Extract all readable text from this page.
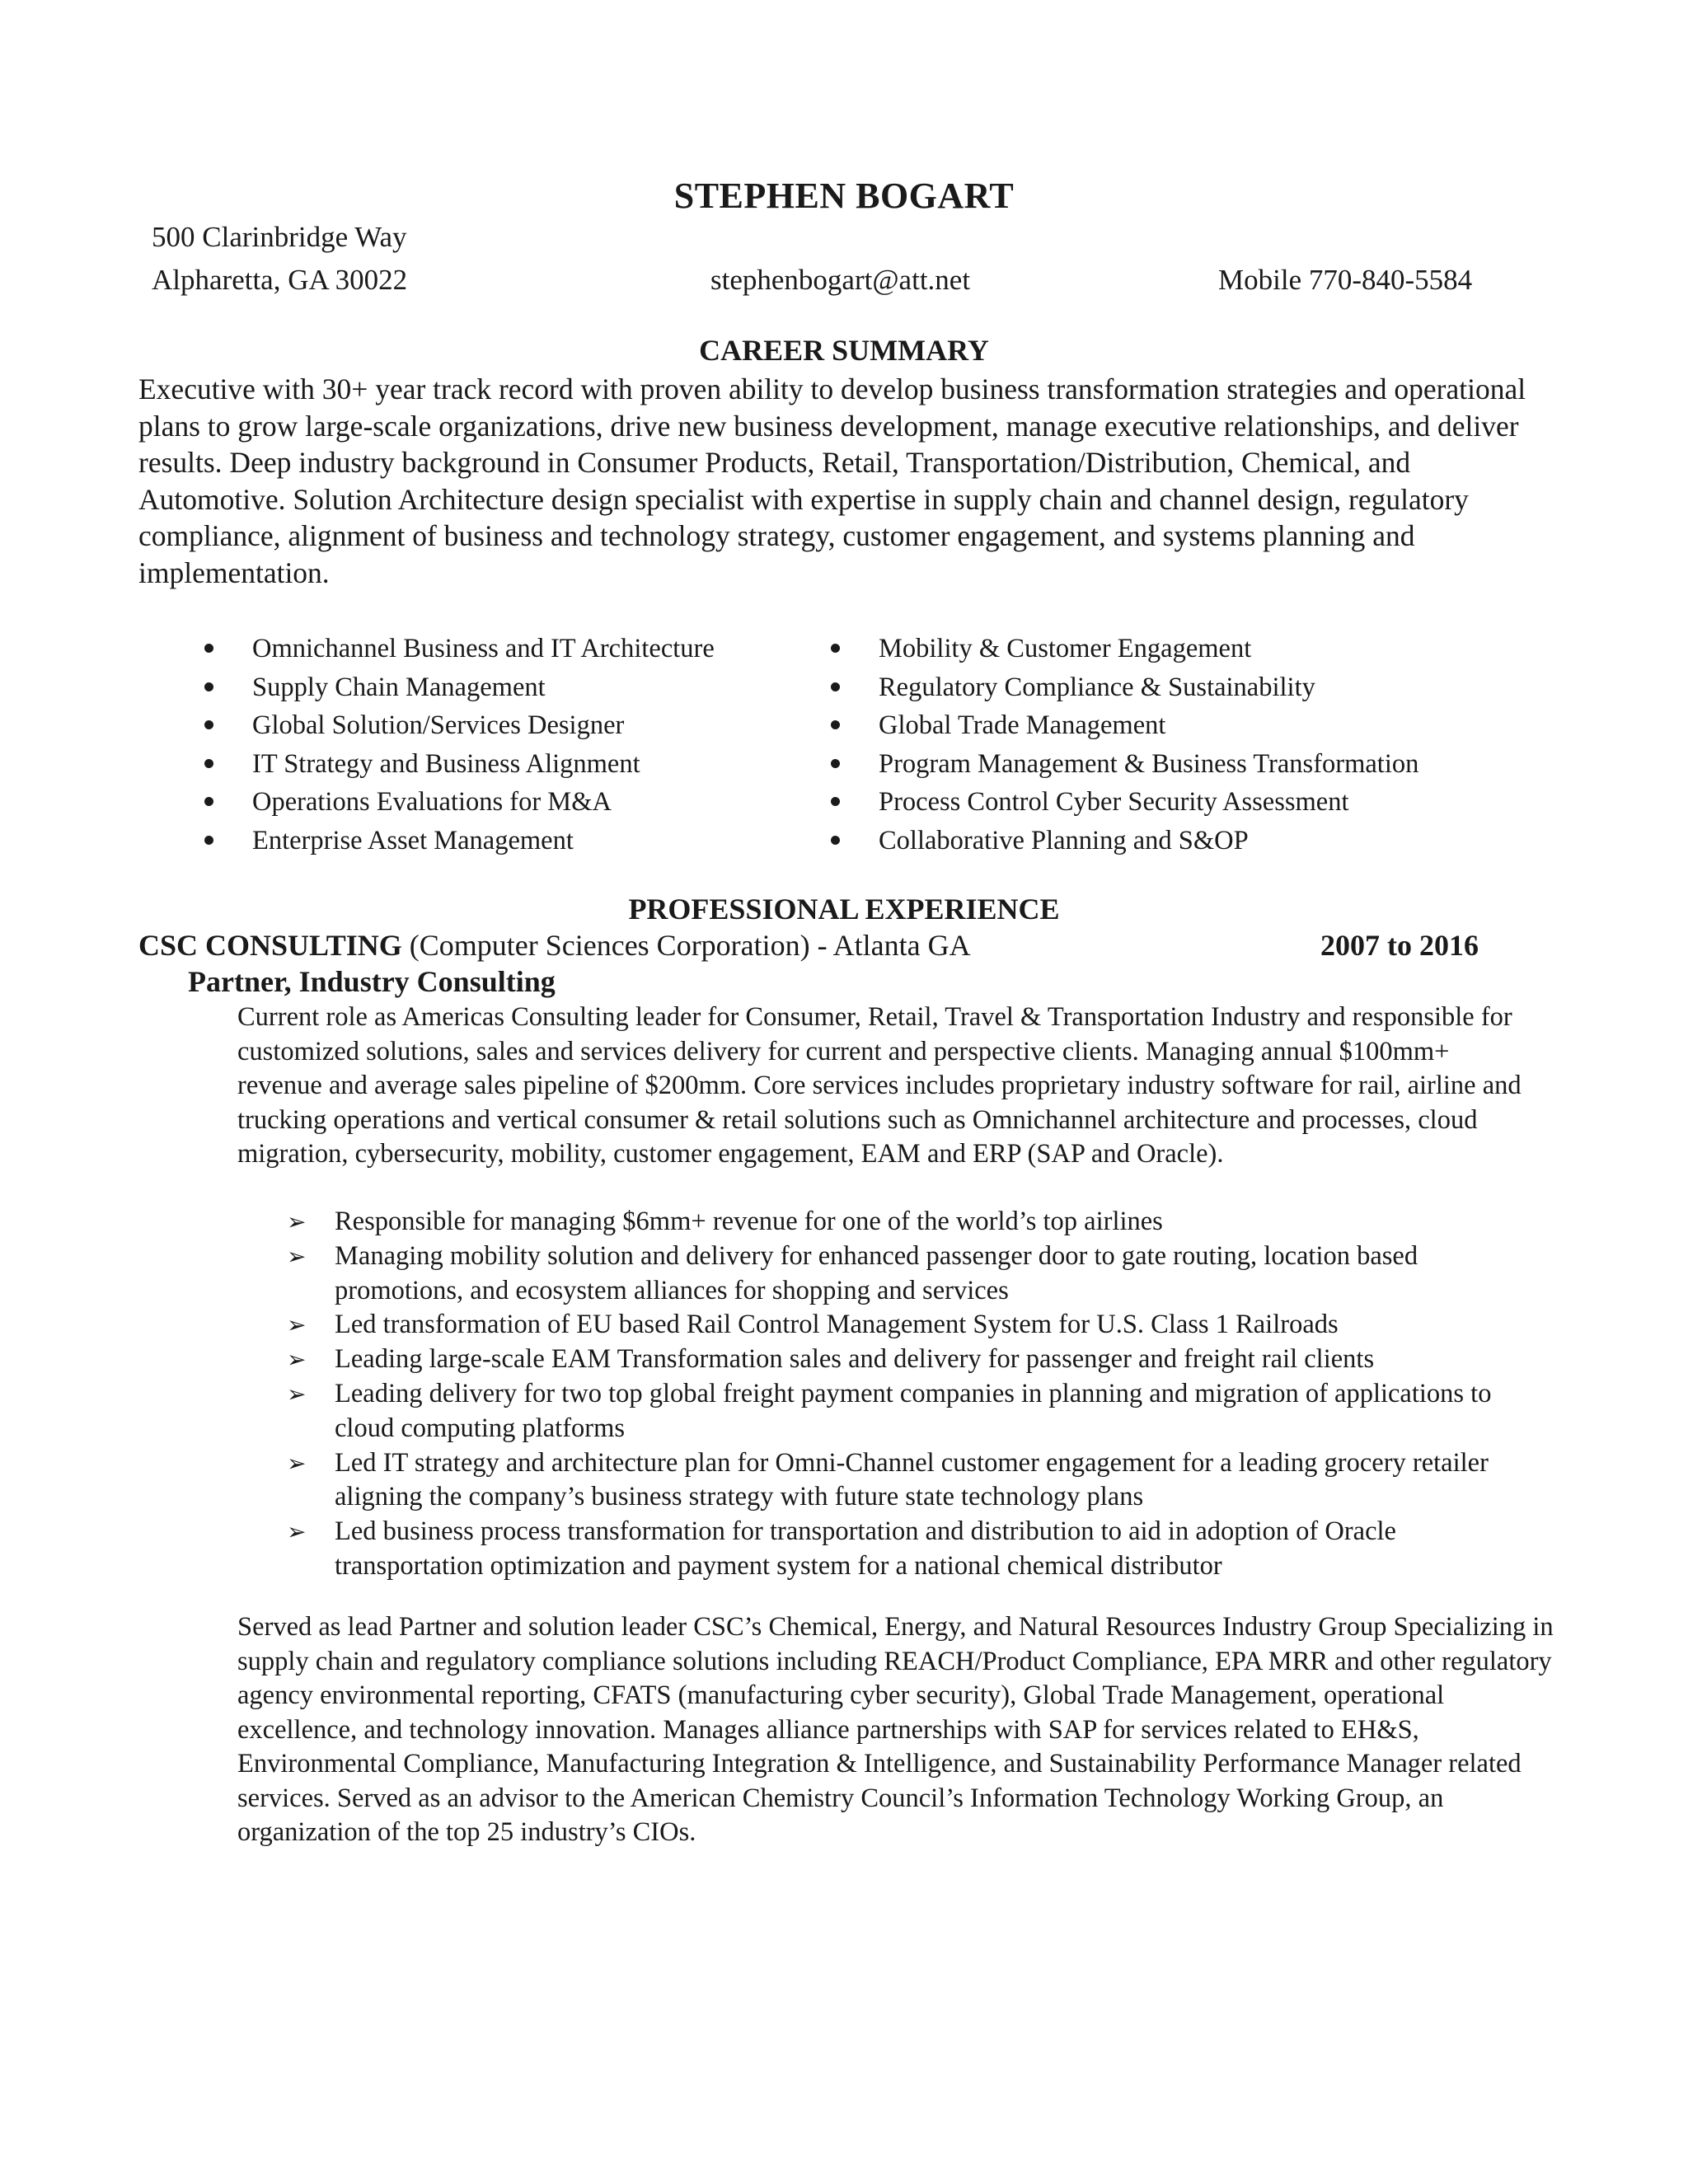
STEPHEN BOGART
500 Clarinbridge Way
Alpharetta, GA 30022	stephenbogart@att.net	Mobile 770-840-5584
CAREER SUMMARY
Executive with 30+ year track record with proven ability to develop business transformation strategies and operational plans to grow large-scale organizations, drive new business development, manage executive relationships, and deliver results. Deep industry background in Consumer Products, Retail, Transportation/Distribution, Chemical, and Automotive. Solution Architecture design specialist with expertise in supply chain and channel design, regulatory compliance, alignment of business and technology strategy, customer engagement, and systems planning and implementation.
Omnichannel Business and IT Architecture
Supply Chain Management
Global Solution/Services Designer
IT Strategy and Business Alignment
Operations Evaluations for M&A
Enterprise Asset Management
Mobility & Customer Engagement
Regulatory Compliance & Sustainability
Global Trade Management
Program Management & Business Transformation
Process Control Cyber Security Assessment
Collaborative Planning and S&OP
PROFESSIONAL EXPERIENCE
CSC CONSULTING (Computer Sciences Corporation) - Atlanta GA	2007 to 2016
Partner, Industry Consulting
Current role as Americas Consulting leader for Consumer, Retail, Travel & Transportation Industry and responsible for customized solutions, sales and services delivery for current and perspective clients. Managing annual $100mm+ revenue and average sales pipeline of $200mm. Core services includes proprietary industry software for rail, airline and trucking operations and vertical consumer & retail solutions such as Omnichannel architecture and processes, cloud migration, cybersecurity, mobility, customer engagement, EAM and ERP (SAP and Oracle).
➢ Responsible for managing $6mm+ revenue for one of the world’s top airlines
➢ Managing mobility solution and delivery for enhanced passenger door to gate routing, location based promotions, and ecosystem alliances for shopping and services
➢ Led transformation of EU based Rail Control Management System for U.S. Class 1 Railroads
➢ Leading large-scale EAM Transformation sales and delivery for passenger and freight rail clients
➢ Leading delivery for two top global freight payment companies in planning and migration of applications to cloud computing platforms
➢ Led IT strategy and architecture plan for Omni-Channel customer engagement for a leading grocery retailer aligning the company’s business strategy with future state technology plans
➢ Led business process transformation for transportation and distribution to aid in adoption of Oracle transportation optimization and payment system for a national chemical distributor
Served as lead Partner and solution leader CSC’s Chemical, Energy, and Natural Resources Industry Group Specializing in supply chain and regulatory compliance solutions including REACH/Product Compliance, EPA MRR and other regulatory agency environmental reporting, CFATS (manufacturing cyber security), Global Trade Management, operational excellence, and technology innovation. Manages alliance partnerships with SAP for services related to EH&S, Environmental Compliance, Manufacturing Integration & Intelligence, and Sustainability Performance Manager related services. Served as an advisor to the American Chemistry Council’s Information Technology Working Group, an organization of the top 25 industry’s CIOs.
